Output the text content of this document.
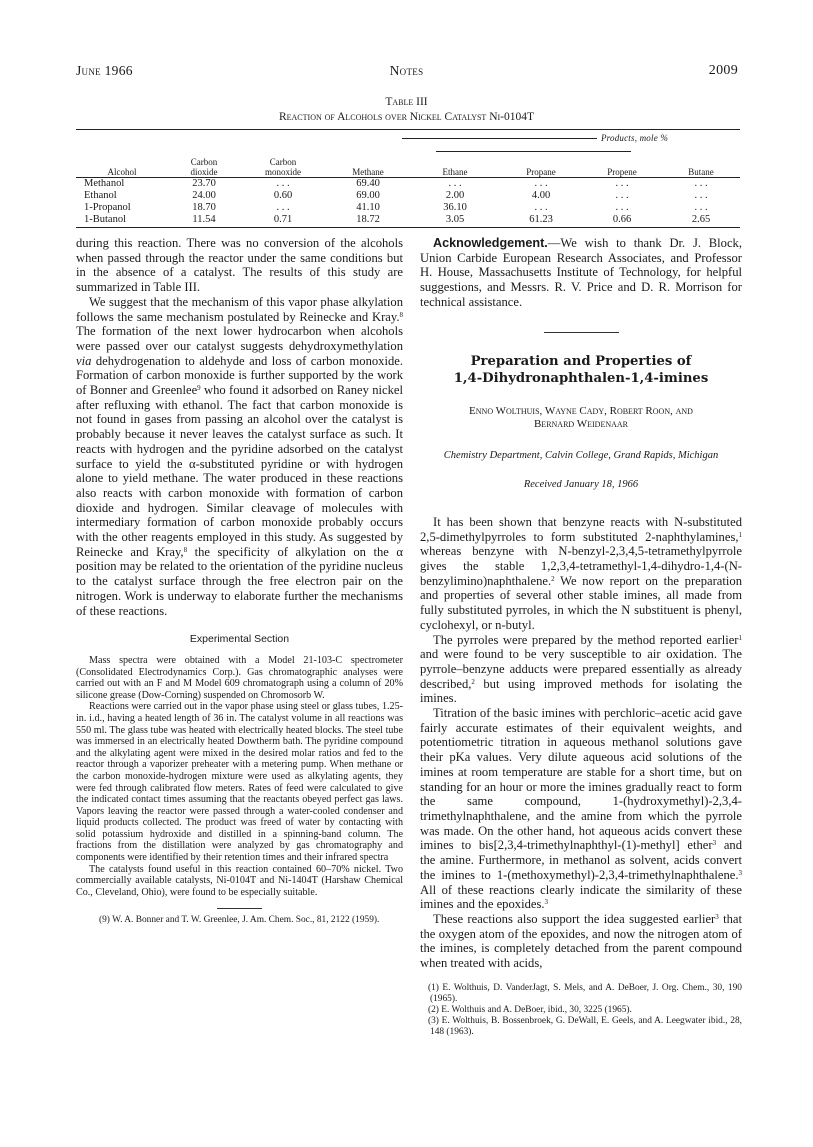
June 1966	Notes	2009
Table III
Reaction of Alcohols over Nickel Catalyst Ni-0104T
			Products, mole %				
	Carbon	Carbon					
Alcohol	dioxide	monoxide	Methane	Ethane	Propane	Propene	Butane
Methanol	23.70	. . .	69.40	. . .	. . .	. . .	. . .
Ethanol	24.00	0.60	69.00	2.00	4.00	. . .	. . .
1-Propanol	18.70	. . .	41.10	36.10	. . .	. . .	. . .
1-Butanol	11.54	0.71	18.72	3.05	61.23	0.66	2.65

during this reaction. There was no conversion of the alcohols when passed through the reactor under the same conditions but in the absence of a catalyst. The results of this study are summarized in Table III.

We suggest that the mechanism of this vapor phase alkylation follows the same mechanism postulated by Reinecke and Kray.$^8$ The formation of the next lower hydrocarbon when alcohols were passed over our catalyst suggests dehydroxymethylation via dehydrogenation to aldehyde and loss of carbon monoxide. Formation of carbon monoxide is further supported by the work of Bonner and Greenlee$^9$ who found it adsorbed on Raney nickel after refluxing with ethanol. The fact that carbon monoxide is not found in gases from passing an alcohol over the catalyst is probably because it never leaves the catalyst surface as such. It reacts with hydrogen and the pyridine adsorbed on the catalyst surface to yield the α-substituted pyridine or with hydrogen alone to yield methane. The water produced in these reactions also reacts with carbon monoxide with formation of carbon dioxide and hydrogen. Similar cleavage of molecules with intermediary formation of carbon monoxide probably occurs with the other reagents employed in this study. As suggested by Reinecke and Kray,$^8$ the specificity of alkylation on the α position may be related to the orientation of the pyridine nucleus to the catalyst surface through the free electron pair on the nitrogen. Work is underway to elaborate further the mechanisms of these reactions.

Experimental Section

Mass spectra were obtained with a Model 21-103-C spectrometer (Consolidated Electrodynamics Corp.). Gas chromatographic analyses were carried out with an F and M Model 609 chromatograph using a column of 20% silicone grease (Dow-Corning) suspended on Chromosorb W.

Reactions were carried out in the vapor phase using steel or glass tubes, 1.25-in. i.d., having a heated length of 36 in. The catalyst volume in all reactions was 550 ml. The glass tube was heated with electrically heated blocks. The steel tube was immersed in an electrically heated Dowtherm bath. The pyridine compound and the alkylating agent were mixed in the desired molar ratios and fed to the reactor through a vaporizer preheater with a metering pump. When methane or the carbon monoxide-hydrogen mixture were used as alkylating agents, they were fed through calibrated flow meters. Rates of feed were calculated to give the indicated contact times assuming that the reactants obeyed perfect gas laws. Vapors leaving the reactor were passed through a water-cooled condenser and liquid products collected. The product was freed of water by contacting with solid potassium hydroxide and distilled in a spinning-band column. The fractions from the distillation were analyzed by gas chromatography and components were identified by their retention times and their infrared spectra

The catalysts found useful in this reaction contained 60–70% nickel. Two commercially available catalysts, Ni-0104T and Ni-1404T (Harshaw Chemical Co., Cleveland, Ohio), were found to be especially suitable.

(9) W. A. Bonner and T. W. Greenlee, J. Am. Chem. Soc., 81, 2122 (1959).

Acknowledgement.—We wish to thank Dr. J. Block, Union Carbide European Research Associates, and Professor H. House, Massachusetts Institute of Technology, for helpful suggestions, and Messrs. R. V. Price and D. R. Morrison for technical assistance.

Preparation and Properties of
1,4-Dihydronaphthalen-1,4-imines
Enno Wolthuis, Wayne Cady, Robert Roon, and
Bernard Weidenaar
Chemistry Department, Calvin College, Grand Rapids, Michigan
Received January 18, 1966

It has been shown that benzyne reacts with N-substituted 2,5-dimethylpyrroles to form substituted 2-naphthylamines,$^1$ whereas benzyne with N-benzyl-2,3,4,5-tetramethylpyrrole gives the stable 1,2,3,4-tetramethyl-1,4-dihydro-1,4-(N-benzylimino)naphthalene.$^2$ We now report on the preparation and properties of several other stable imines, all made from fully substituted pyrroles, in which the N substituent is phenyl, cyclohexyl, or n-butyl.

The pyrroles were prepared by the method reported earlier$^1$ and were found to be very susceptible to air oxidation. The pyrrole–benzyne adducts were prepared essentially as already described,$^2$ but using improved methods for isolating the imines.

Titration of the basic imines with perchloric–acetic acid gave fairly accurate estimates of their equivalent weights, and potentiometric titration in aqueous methanol solutions gave their pKa values. Very dilute aqueous acid solutions of the imines at room temperature are stable for a short time, but on standing for an hour or more the imines gradually react to form the same compound, 1-(hydroxymethyl)-2,3,4-trimethylnaphthalene, and the amine from which the pyrrole was made. On the other hand, hot aqueous acids convert these imines to bis[2,3,4-trimethylnaphthyl-(1)-methyl] ether$^3$ and the amine. Furthermore, in methanol as solvent, acids convert the imines to 1-(methoxymethyl)-2,3,4-trimethylnaphthalene.$^3$ All of these reactions clearly indicate the similarity of these imines and the epoxides.$^3$

These reactions also support the idea suggested earlier$^3$ that the oxygen atom of the epoxides, and now the nitrogen atom of the imines, is completely detached from the parent compound when treated with acids,

(1) E. Wolthuis, D. VanderJagt, S. Mels, and A. DeBoer, J. Org. Chem., 30, 190 (1965).

(2) E. Wolthuis and A. DeBoer, ibid., 30, 3225 (1965).

(3) E. Wolthuis, B. Bossenbroek, G. DeWall, E. Geels, and A. Leegwater ibid., 28, 148 (1963).
